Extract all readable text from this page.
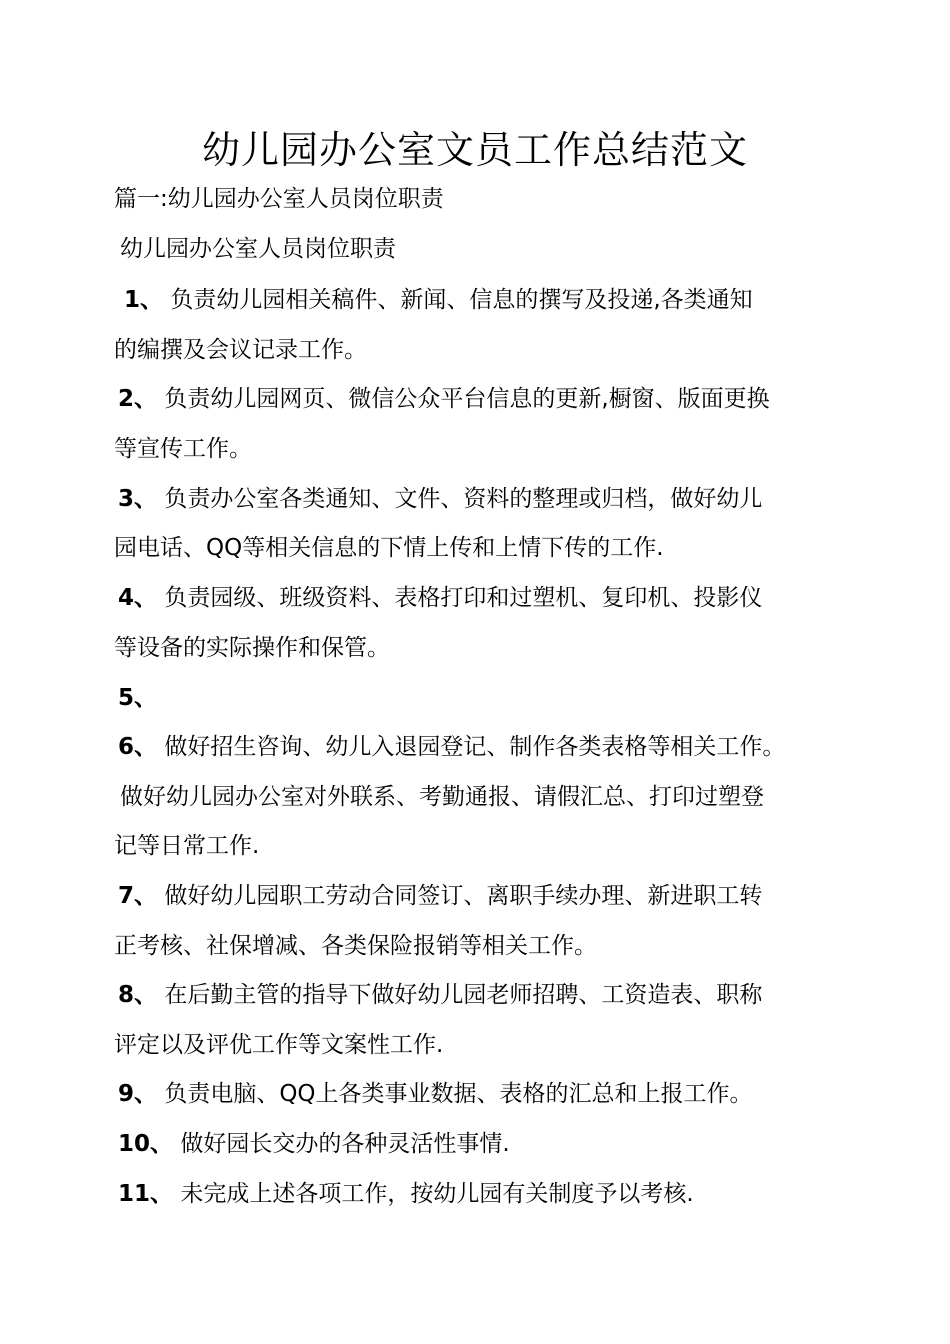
幼儿园办公室文员工作总结范文

篇一:幼儿园办公室人员岗位职责

幼儿园办公室人员岗位职责

1、 负责幼儿园相关稿件、新闻、信息的撰写及投递,各类通知

的编撰及会议记录工作。

2、 负责幼儿园网页、微信公众平台信息的更新,橱窗、版面更换

等宣传工作。

3、 负责办公室各类通知、文件、资料的整理或归档，做好幼儿

园电话、QQ等相关信息的下情上传和上情下传的工作.

4、 负责园级、班级资料、表格打印和过塑机、复印机、投影仪

等设备的实际操作和保管。

5、

6、 做好招生咨询、幼儿入退园登记、制作各类表格等相关工作。

做好幼儿园办公室对外联系、考勤通报、请假汇总、打印过塑登

记等日常工作.

7、 做好幼儿园职工劳动合同签订、离职手续办理、新进职工转

正考核、社保增减、各类保险报销等相关工作。

8、 在后勤主管的指导下做好幼儿园老师招聘、工资造表、职称

评定以及评优工作等文案性工作.

9、 负责电脑、QQ上各类事业数据、表格的汇总和上报工作。

10、 做好园长交办的各种灵活性事情.

11、 未完成上述各项工作，按幼儿园有关制度予以考核.
